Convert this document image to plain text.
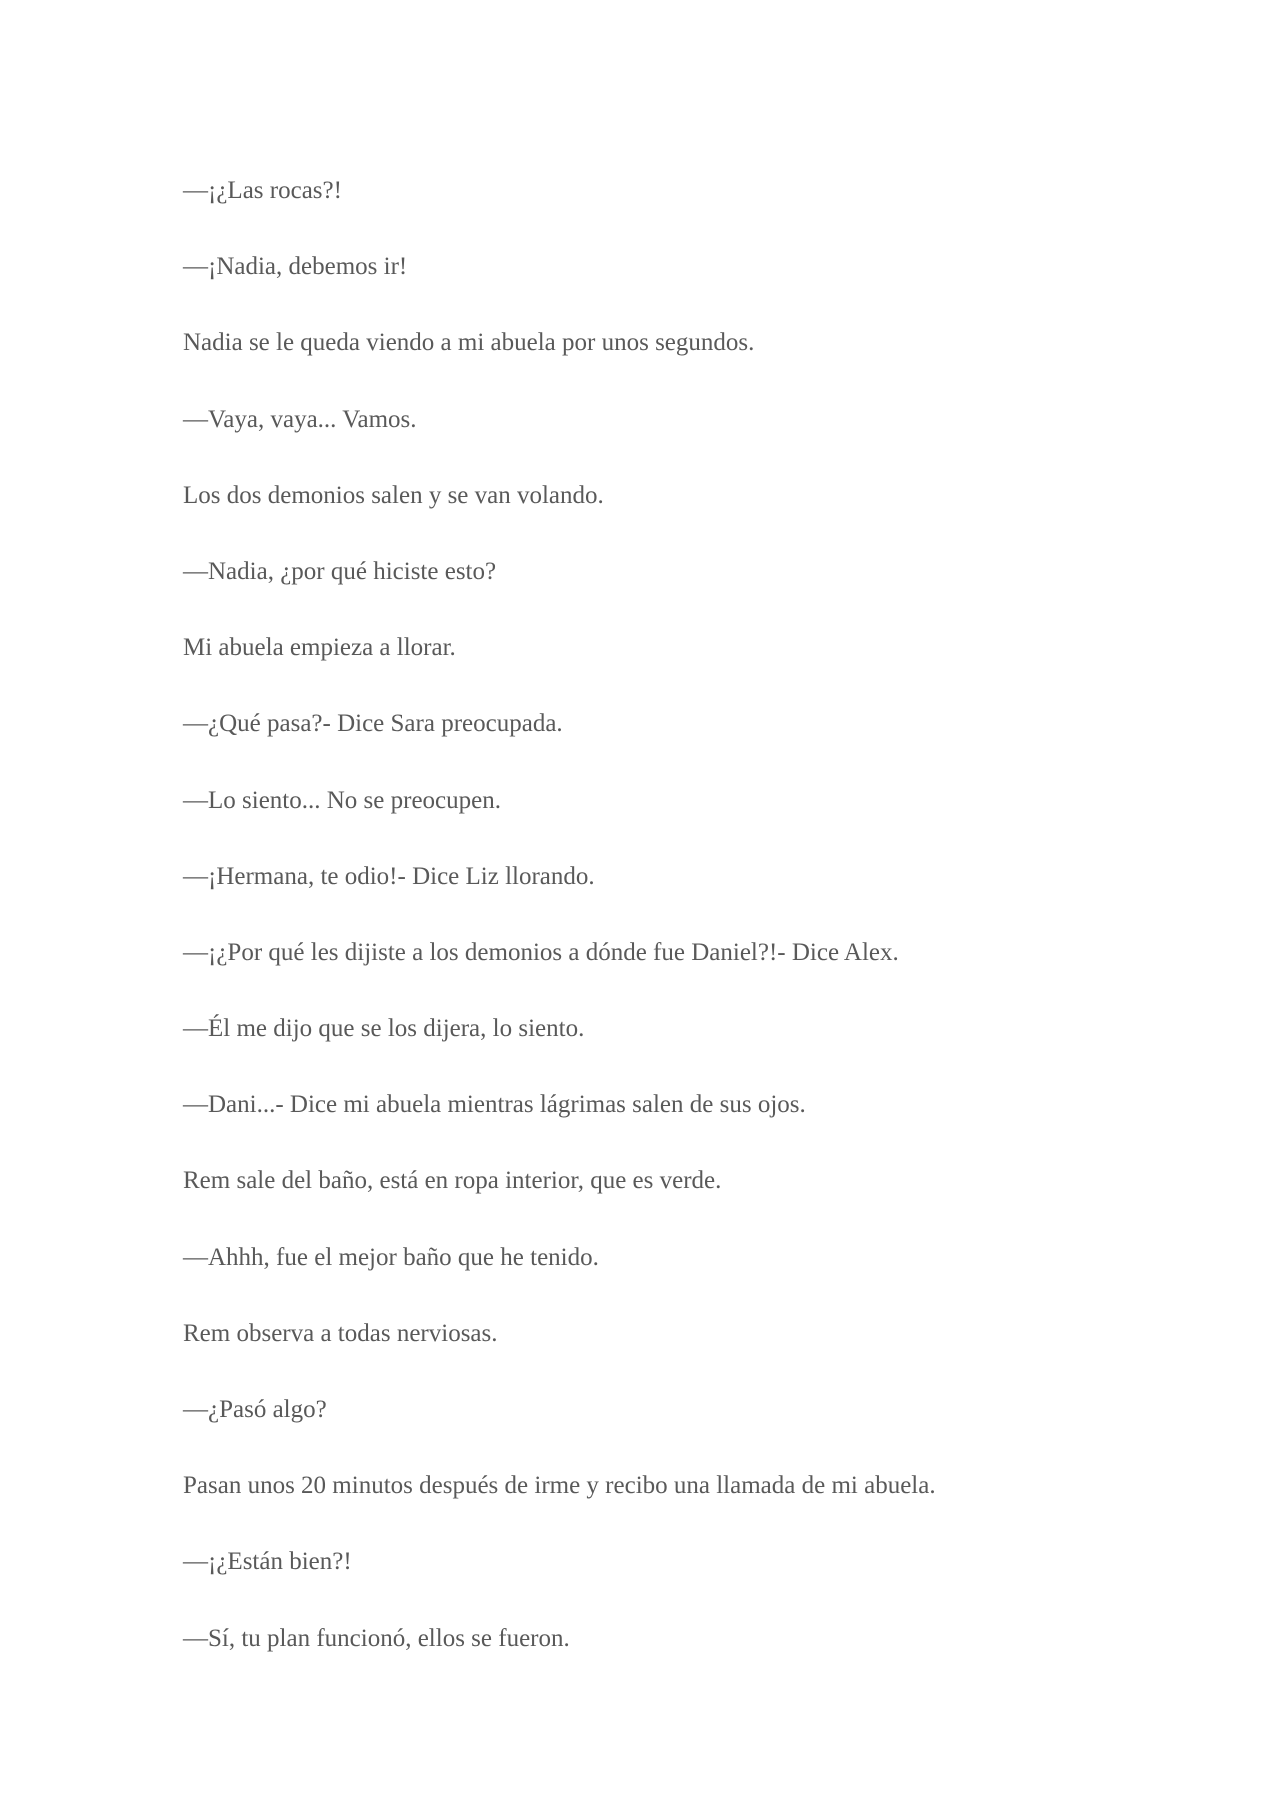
—¡¿Las rocas?!

—¡Nadia, debemos ir!

Nadia se le queda viendo a mi abuela por unos segundos.

—Vaya, vaya... Vamos.

Los dos demonios salen y se van volando.

—Nadia, ¿por qué hiciste esto?

Mi abuela empieza a llorar.

—¿Qué pasa?- Dice Sara preocupada.

—Lo siento... No se preocupen.

—¡Hermana, te odio!- Dice Liz llorando.

—¡¿Por qué les dijiste a los demonios a dónde fue Daniel?!- Dice Alex.

—Él me dijo que se los dijera, lo siento.

—Dani...- Dice mi abuela mientras lágrimas salen de sus ojos.

Rem sale del baño, está en ropa interior, que es verde.

—Ahhh, fue el mejor baño que he tenido.

Rem observa a todas nerviosas.

—¿Pasó algo?

Pasan unos 20 minutos después de irme y recibo una llamada de mi abuela.

—¡¿Están bien?!

—Sí, tu plan funcionó, ellos se fueron.
